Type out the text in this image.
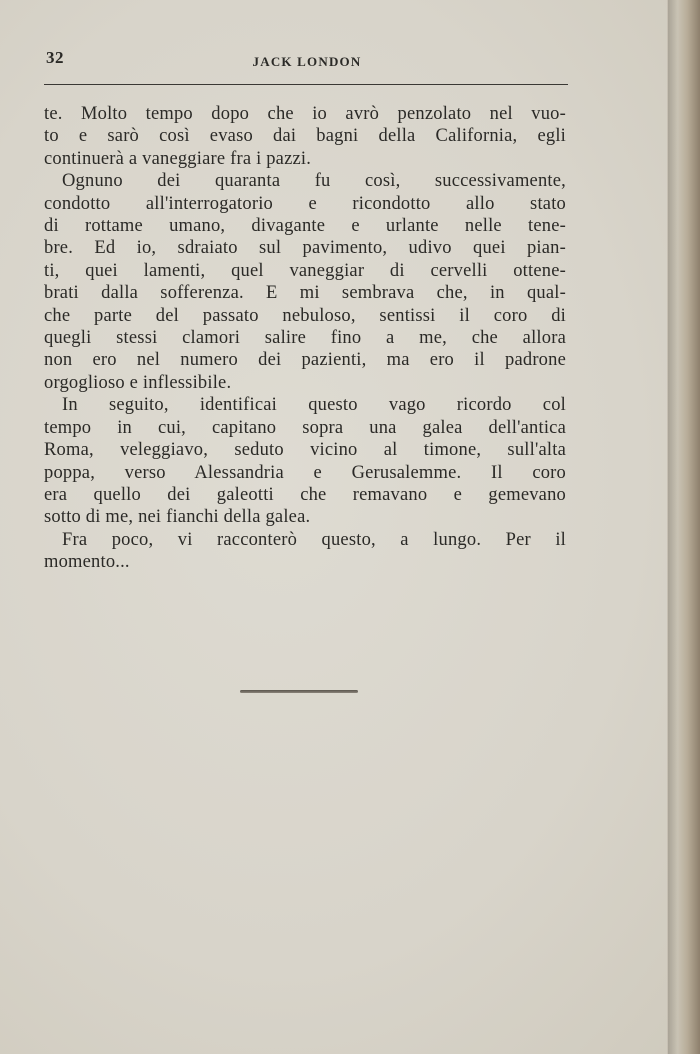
32	JACK LONDON

te. Molto tempo dopo che io avrò penzolato nel vuo-
to e sarò così evaso dai bagni della California, egli
continuerà a vaneggiare fra i pazzi.

Ognuno dei quaranta fu così, successivamente,
condotto all'interrogatorio e ricondotto allo stato
di rottame umano, divagante e urlante nelle tene-
bre. Ed io, sdraiato sul pavimento, udivo quei pian-
ti, quei lamenti, quel vaneggiar di cervelli ottene-
brati dalla sofferenza. E mi sembrava che, in qual-
che parte del passato nebuloso, sentissi il coro di
quegli stessi clamori salire fino a me, che allora
non ero nel numero dei pazienti, ma ero il padrone
orgoglioso e inflessibile.

In seguito, identificai questo vago ricordo col
tempo in cui, capitano sopra una galea dell'antica
Roma, veleggiavo, seduto vicino al timone, sull'alta
poppa, verso Alessandria e Gerusalemme. Il coro
era quello dei galeotti che remavano e gemevano
sotto di me, nei fianchi della galea.

Fra poco, vi racconterò questo, a lungo. Per il
momento...
